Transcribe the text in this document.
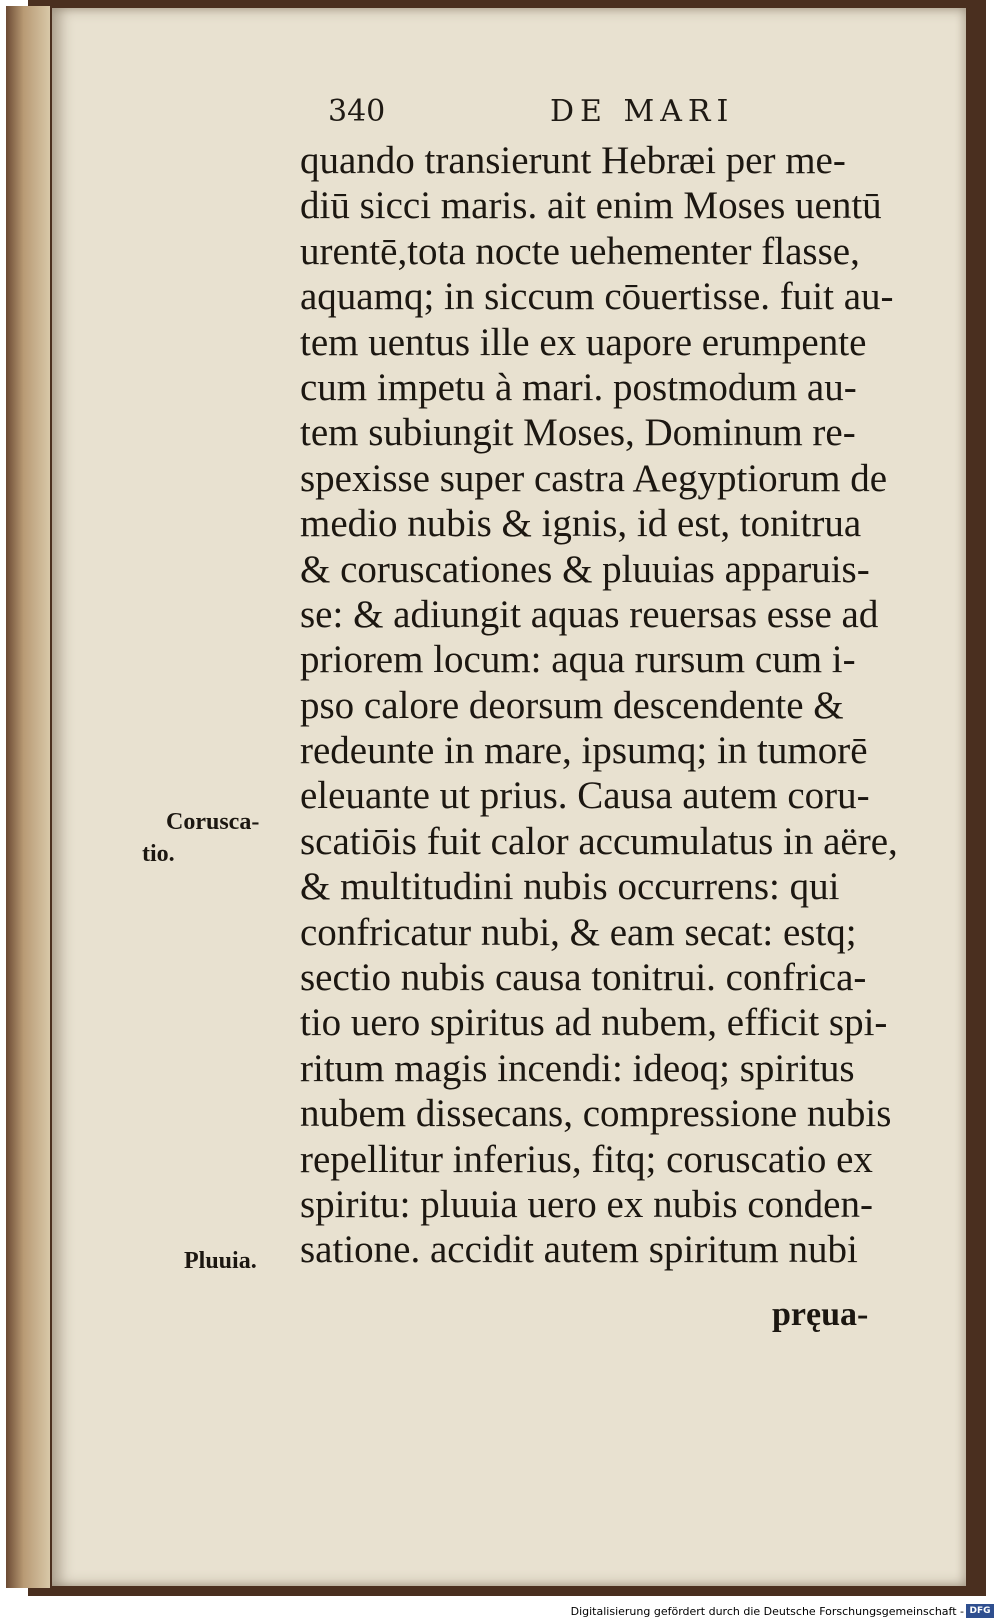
340	DE MARI
quando transierunt Hebræi per me-
diū sicci maris. ait enim Moses uentū
urentē,tota nocte uehementer flasse,
aquamq; in siccum cōuertisse. fuit au-
tem uentus ille ex uapore erumpente
cum impetu à mari. postmodum au-
tem subiungit Moses, Dominum re-
spexisse super castra Aegyptiorum de
medio nubis & ignis, id est, tonitrua
& coruscationes & pluuias apparuis-
se: & adiungit aquas reuersas esse ad
priorem locum: aqua rursum cum i-
pso calore deorsum descendente &
redeunte in mare, ipsumq; in tumorē
eleuante ut prius. Causa autem coru-
scatiōis fuit calor accumulatus in aëre,
& multitudini nubis occurrens: qui
confricatur nubi, & eam secat: estq;
sectio nubis causa tonitrui. confrica-
tio uero spiritus ad nubem, efficit spi-
ritum magis incendi: ideoq; spiritus
nubem dissecans, compressione nubis
repellitur inferius, fitq; coruscatio ex
spiritu: pluuia uero ex nubis conden-
satione. accidit autem spiritum nubi
Corusca-
tio.
Pluuia.
pręua-
Digitalisierung gefördert durch die Deutsche Forschungsgemeinschaft - DFG
